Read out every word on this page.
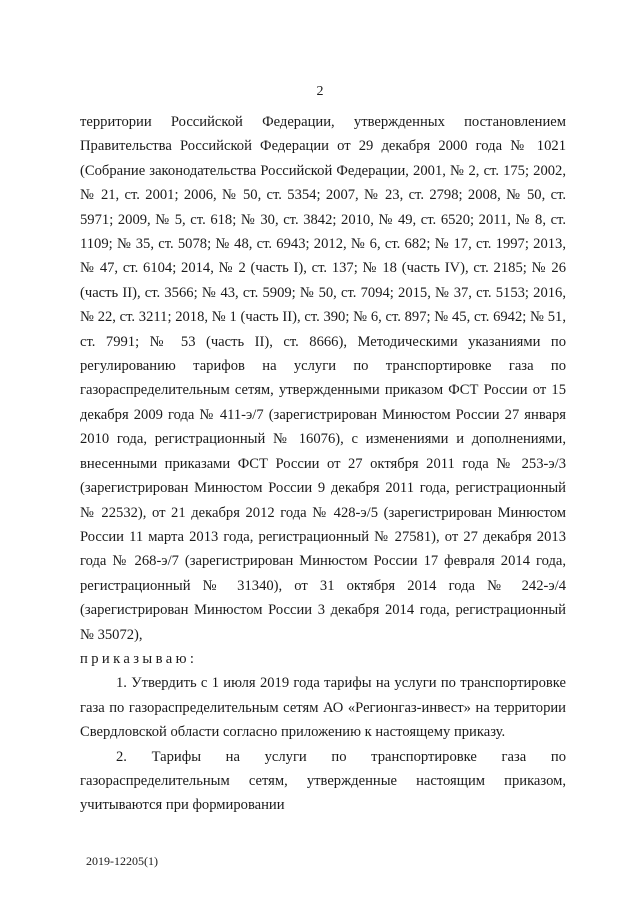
2

территории Российской Федерации, утвержденных постановлением Правительства Российской Федерации от 29 декабря 2000 года № 1021 (Собрание законодательства Российской Федерации, 2001, № 2, ст. 175; 2002, № 21, ст. 2001; 2006, № 50, ст. 5354; 2007, № 23, ст. 2798; 2008, № 50, ст. 5971; 2009, № 5, ст. 618; № 30, ст. 3842; 2010, № 49, ст. 6520; 2011, № 8, ст. 1109; № 35, ст. 5078; № 48, ст. 6943; 2012, № 6, ст. 682; № 17, ст. 1997; 2013, № 47, ст. 6104; 2014, № 2 (часть I), ст. 137; № 18 (часть IV), ст. 2185; № 26 (часть II), ст. 3566; № 43, ст. 5909; № 50, ст. 7094; 2015, № 37, ст. 5153; 2016, № 22, ст. 3211; 2018, № 1 (часть II), ст. 390; № 6, ст. 897; № 45, ст. 6942; № 51, ст. 7991; № 53 (часть II), ст. 8666), Методическими указаниями по регулированию тарифов на услуги по транспортировке газа по газораспределительным сетям, утвержденными приказом ФСТ России от 15 декабря 2009 года № 411-э/7 (зарегистрирован Минюстом России 27 января 2010 года, регистрационный № 16076), с изменениями и дополнениями, внесенными приказами ФСТ России от 27 октября 2011 года № 253-э/3 (зарегистрирован Минюстом России 9 декабря 2011 года, регистрационный № 22532), от 21 декабря 2012 года № 428-э/5 (зарегистрирован Минюстом России 11 марта 2013 года, регистрационный № 27581), от 27 декабря 2013 года № 268-э/7 (зарегистрирован Минюстом России 17 февраля 2014 года, регистрационный № 31340), от 31 октября 2014 года № 242-э/4 (зарегистрирован Минюстом России 3 декабря 2014 года, регистрационный № 35072),

приказываю:

1. Утвердить с 1 июля 2019 года тарифы на услуги по транспортировке газа по газораспределительным сетям АО «Регионгаз-инвест» на территории Свердловской области согласно приложению к настоящему приказу.

2. Тарифы на услуги по транспортировке газа по газораспределительным сетям, утвержденные настоящим приказом, учитываются при формировании

2019-12205(1)
